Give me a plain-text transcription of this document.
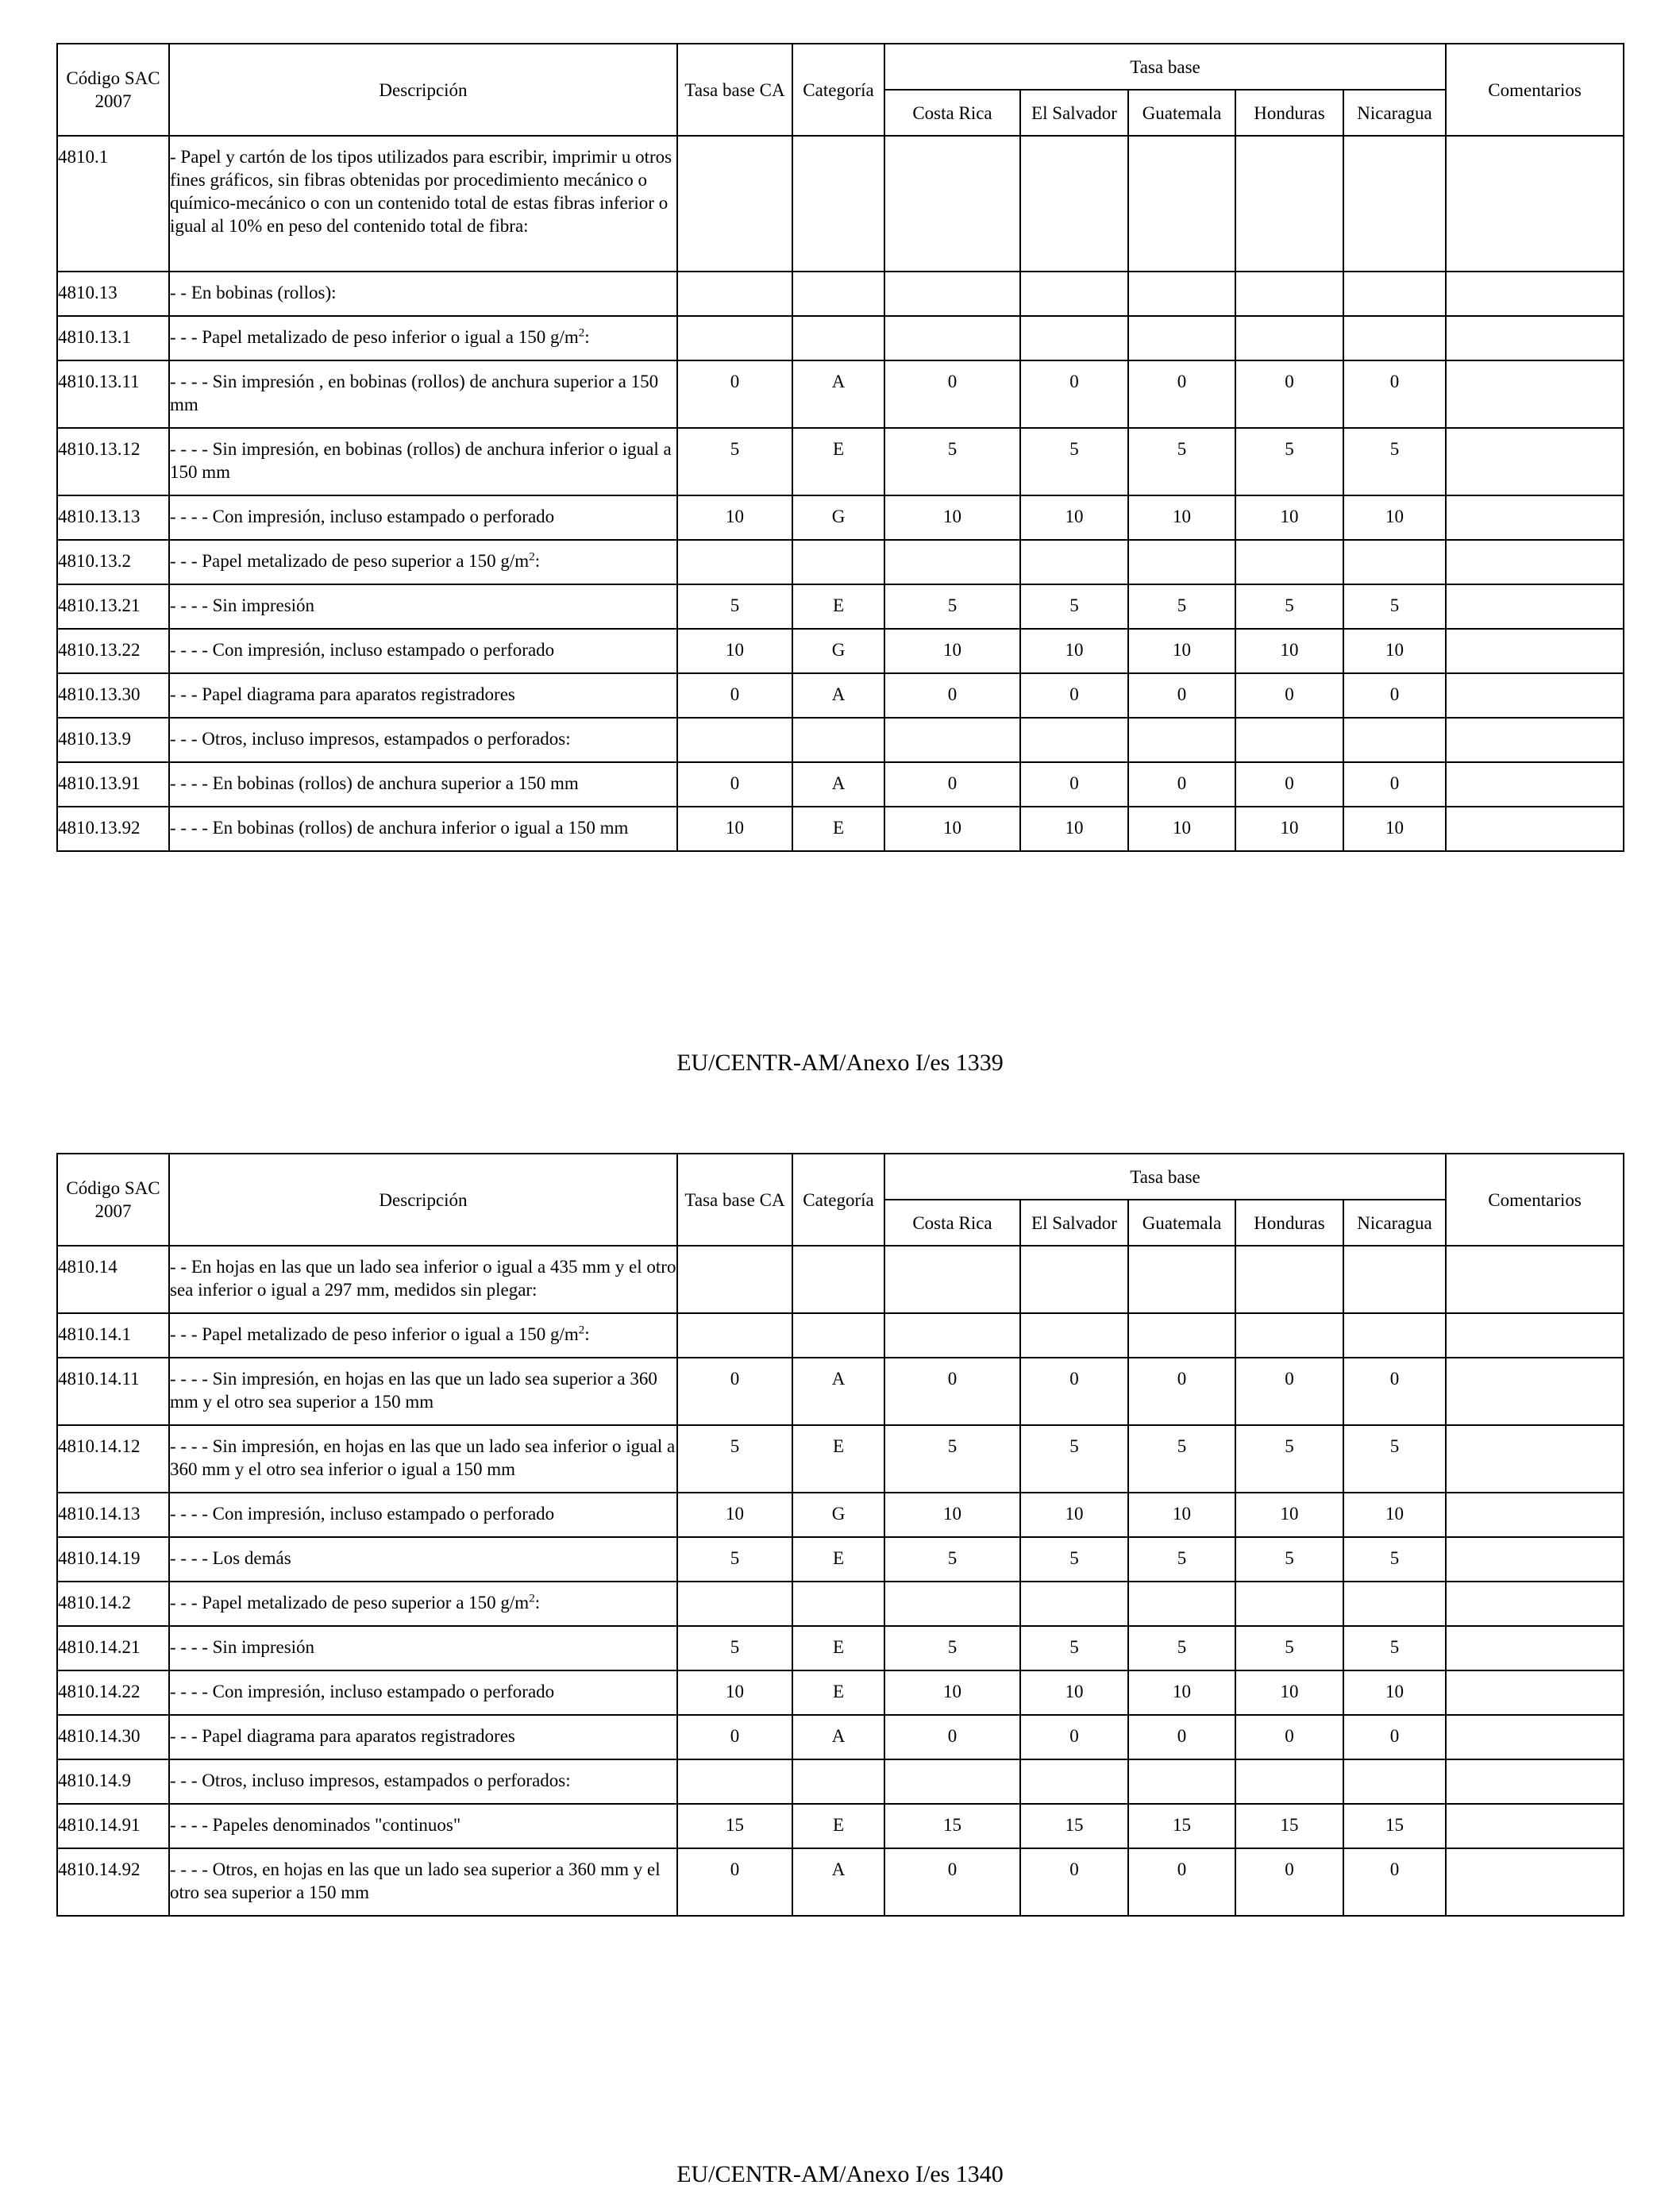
Código SAC 2007	Descripción	Tasa base CA	Categoría	Tasa base					Comentarios
				Costa Rica	El Salvador	Guatemala	Honduras	Nicaragua	
4810.1	- Papel y cartón de los tipos utilizados para escribir, imprimir u otros fines gráficos, sin fibras obtenidas por procedimiento mecánico o químico-mecánico o con un contenido total de estas fibras inferior o igual al 10% en peso del contenido total de fibra:								
4810.13	- - En bobinas (rollos):								
4810.13.1	- - - Papel metalizado de peso inferior o igual a 150 $g/m^2$:								
4810.13.11	- - - - Sin impresión , en bobinas (rollos) de anchura superior a 150 mm	0	A	0	0	0	0	0	
4810.13.12	- - - - Sin impresión, en bobinas (rollos) de anchura inferior o igual a 150 mm	5	E	5	5	5	5	5	
4810.13.13	- - - - Con impresión, incluso estampado o perforado	10	G	10	10	10	10	10	
4810.13.2	- - - Papel metalizado de peso superior a 150 $g/m^2$:								
4810.13.21	- - - - Sin impresión	5	E	5	5	5	5	5	
4810.13.22	- - - - Con impresión, incluso estampado o perforado	10	G	10	10	10	10	10	
4810.13.30	- - - Papel diagrama para aparatos registradores	0	A	0	0	0	0	0	
4810.13.9	- - - Otros, incluso impresos, estampados o perforados:								
4810.13.91	- - - - En bobinas (rollos) de anchura superior a 150 mm	0	A	0	0	0	0	0	
4810.13.92	- - - - En bobinas (rollos) de anchura inferior o igual a 150 mm	10	E	10	10	10	10	10	
EU/CENTR-AM/Anexo I/es 1339
Código SAC 2007	Descripción	Tasa base CA	Categoría	Tasa base					Comentarios
				Costa Rica	El Salvador	Guatemala	Honduras	Nicaragua	
4810.14	- - En hojas en las que un lado sea inferior o igual a 435 mm y el otro sea inferior o igual a 297 mm, medidos sin plegar:								
4810.14.1	- - - Papel metalizado de peso inferior o igual a 150 $g/m^2$:								
4810.14.11	- - - - Sin impresión, en hojas en las que un lado sea superior a 360 mm y el otro sea superior a 150 mm	0	A	0	0	0	0	0	
4810.14.12	- - - - Sin impresión, en hojas en las que un lado sea inferior o igual a 360 mm y el otro sea inferior o igual a 150 mm	5	E	5	5	5	5	5	
4810.14.13	- - - - Con impresión, incluso estampado o perforado	10	G	10	10	10	10	10	
4810.14.19	- - - - Los demás	5	E	5	5	5	5	5	
4810.14.2	- - - Papel metalizado de peso superior a 150 $g/m^2$:								
4810.14.21	- - - - Sin impresión	5	E	5	5	5	5	5	
4810.14.22	- - - - Con impresión, incluso estampado o perforado	10	E	10	10	10	10	10	
4810.14.30	- - - Papel diagrama para aparatos registradores	0	A	0	0	0	0	0	
4810.14.9	- - - Otros, incluso impresos, estampados o perforados:								
4810.14.91	- - - - Papeles denominados "continuos"	15	E	15	15	15	15	15	
4810.14.92	- - - - Otros, en hojas en las que un lado sea superior a 360 mm y el otro sea superior a 150 mm	0	A	0	0	0	0	0	
EU/CENTR-AM/Anexo I/es 1340
